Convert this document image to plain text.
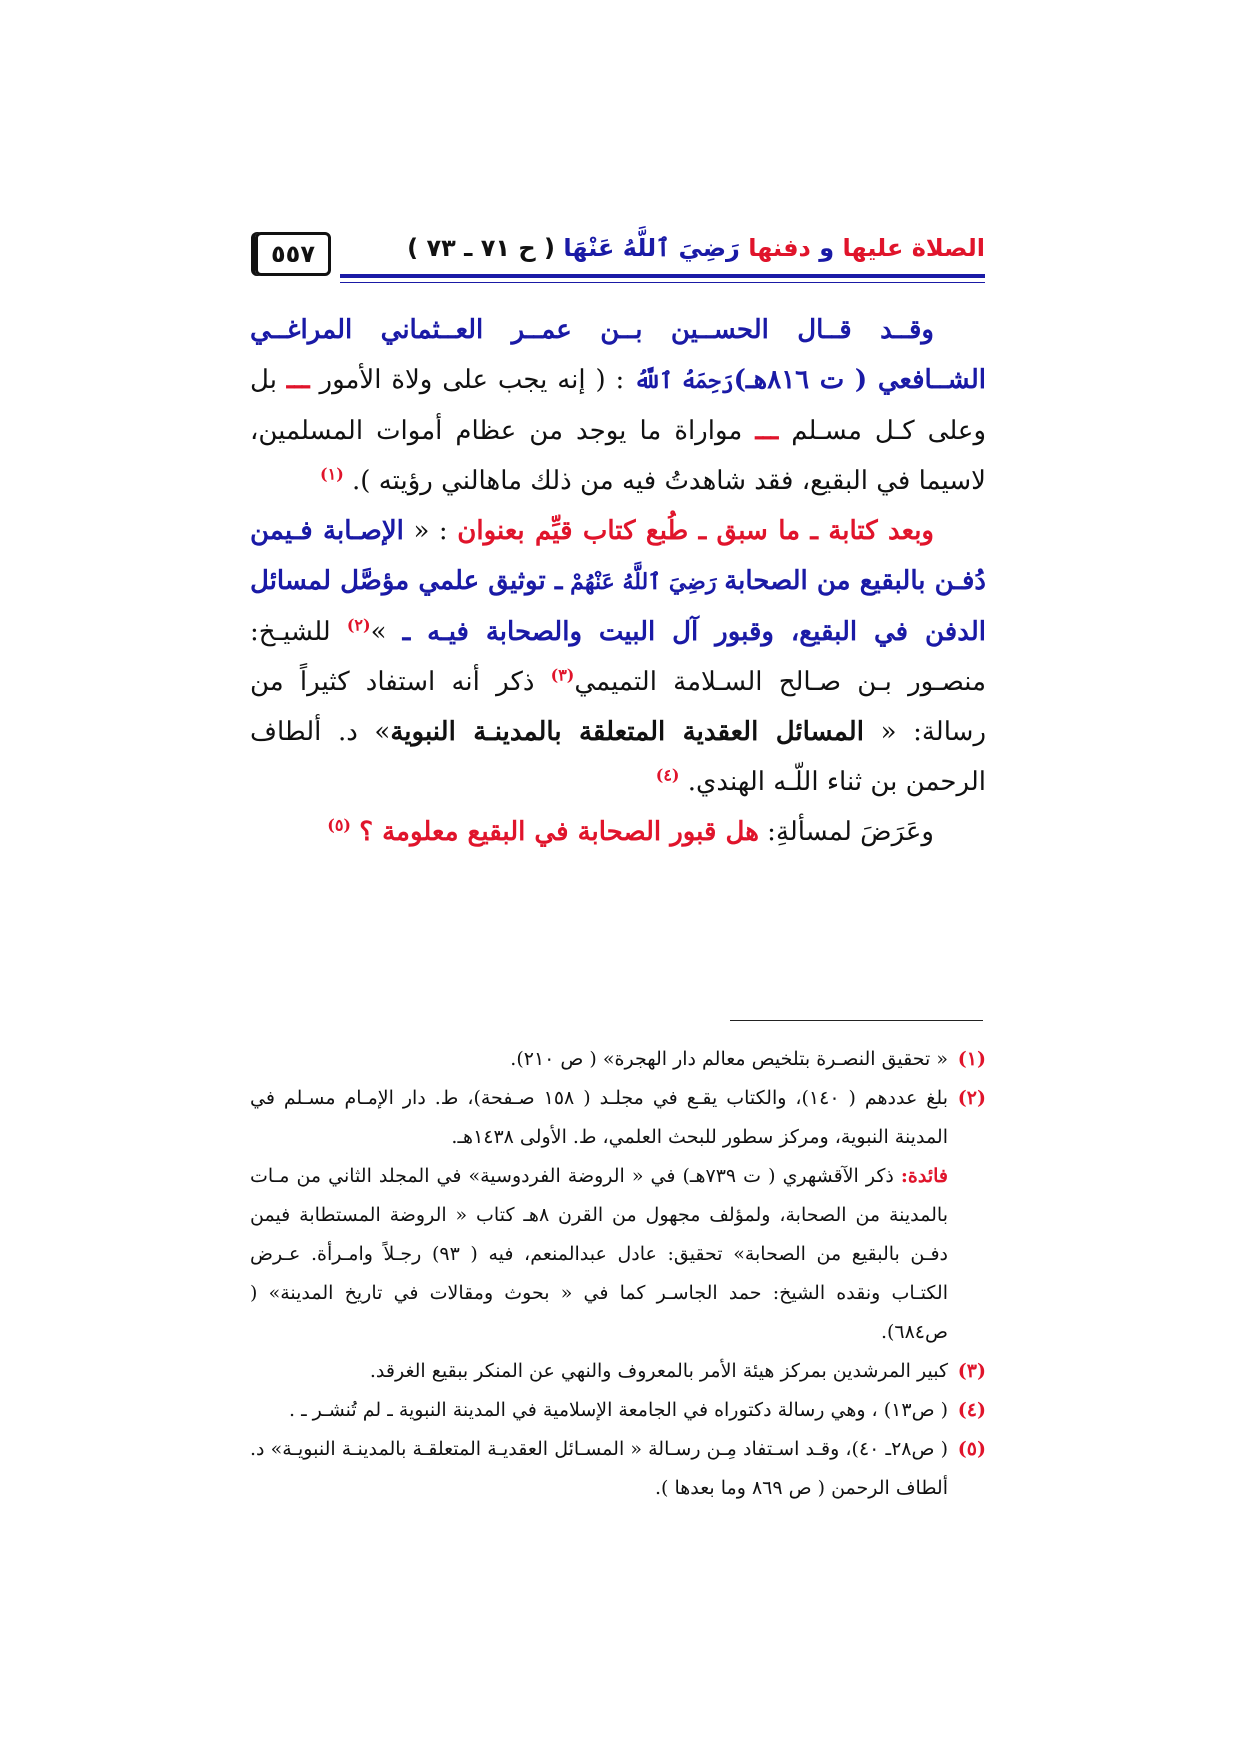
٥٥٧	الصلاة عليها و دفنها رَضِيَ ٱللَّهُ عَنْهَا ( ح ٧١ ـ ٧٣ )

وقــد قــال الحســين بــن عمــر العــثماني المراغــي الشــافعي ( ت ٨١٦هـ)رَحِمَهُ ٱللَّهُ : ( إنه يجب على ولاة الأمور ـــ بل وعلى كـل مسـلم ـــ مواراة ما يوجد من عظام أموات المسلمين، لاسيما في البقيع، فقد شاهدتُ فيه من ذلك ماهالني رؤيته ). $^{(١)}$

وبعد كتابة ـ ما سبق ـ طُبع كتاب قيِّم بعنوان : « الإصـابة فـيمن دُفـن بالبقيع من الصحابة رَضِيَ ٱللَّهُ عَنْهُمْ ـ توثيق علمي مؤصَّل لمسائل الدفن في البقيع، وقبور آل البيت والصحابة فيـه ـ »$^{(٢)}$ للشيـخ: منصـور بـن صـالح السـلامة التميمي$^{(٣)}$ ذكر أنه استفاد كثيراً من رسالة: « المسائل العقدية المتعلقة بالمدينـة النبوية» د. ألطاف الرحمن بن ثناء اللّـه الهندي. $^{(٤)}$

وعَرَضَ لمسألةِ: هل قبور الصحابة في البقيع معلومة ؟ $^{(٥)}$

(١)
« تحقيق النصـرة بتلخيص معالم دار الهجرة» ( ص ٢١٠).

(٢)
بلغ عددهم ( ١٤٠)، والكتاب يقـع في مجلـد ( ١٥٨ صـفحة)، ط. دار الإمـام مسـلم في المدينة النبوية، ومركز سطور للبحث العلمي، ط. الأولى ١٤٣٨هـ.

فائدة: ذكر الآقشهري ( ت ٧٣٩هـ) في « الروضة الفردوسية» في المجلد الثاني من مـات بالمدينة من الصحابة، ولمؤلف مجهول من القرن ٨هـ كتاب « الروضة المستطابة فيمن دفـن بالبقيع من الصحابة» تحقيق: عادل عبدالمنعم، فيه ( ٩٣) رجـلاً وامـرأة. عـرض الكتـاب ونقده الشيخ: حمد الجاسـر كما في « بحوث ومقالات في تاريخ المدينة» ( ص٦٨٤).

(٣)
كبير المرشدين بمركز هيئة الأمر بالمعروف والنهي عن المنكر ببقيع الغرقد.

(٤)
( ص١٣) ، وهي رسالة دكتوراه في الجامعة الإسلامية في المدينة النبوية ـ لم تُنشـر ـ .

(٥)
( ص٢٨ـ ٤٠)، وقـد اسـتفاد مِـن رسـالة « المسـائل العقديـة المتعلقـة بالمدينـة النبويـة» د. ألطاف الرحمن ( ص ٨٦٩ وما بعدها ).
